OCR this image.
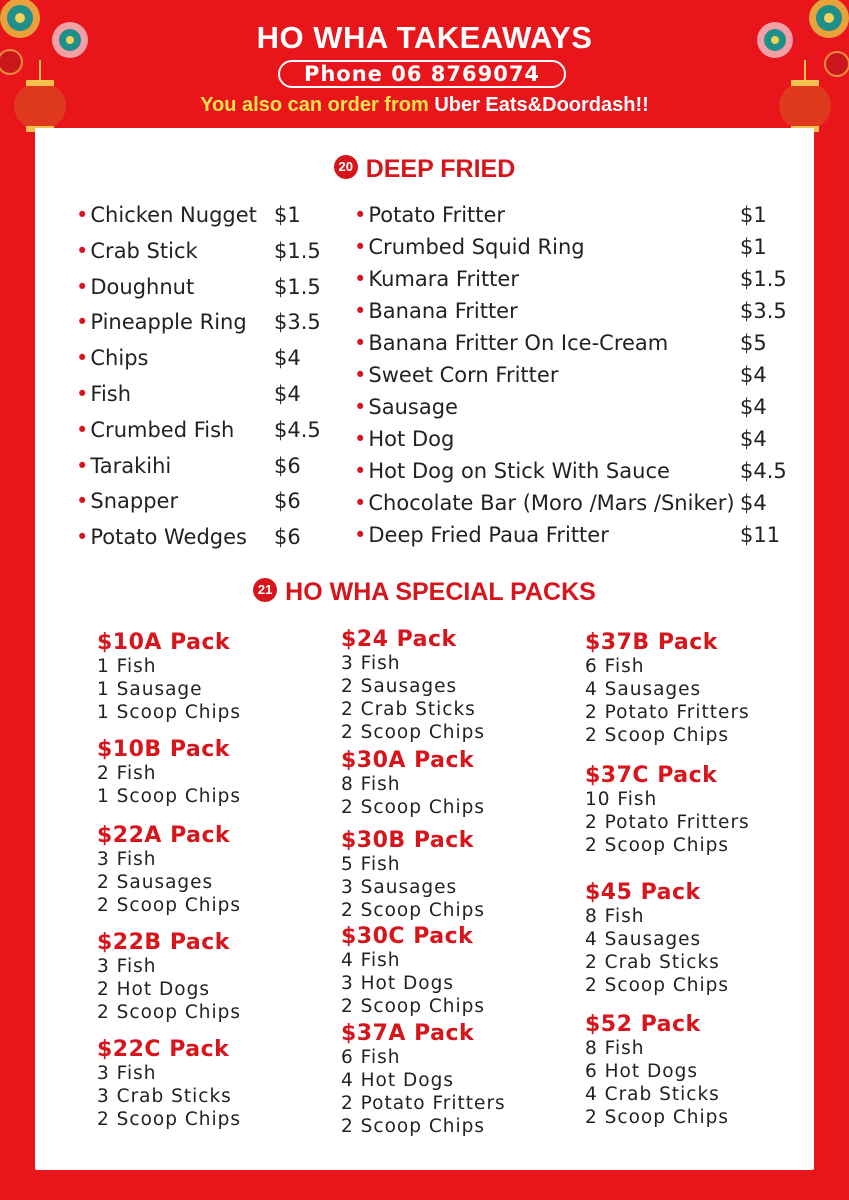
HO WHA TAKEAWAYS
Phone 06 8769074
You also can order from Uber Eats&Doordash!!
20 DEEP FRIED
•Chicken Nugget $1
•Crab Stick	$1.5
•Doughnut	$1.5
•Pineapple Ring $3.5
•Chips	$4
•Fish	$4
•Crumbed Fish $4.5
•Tarakihi	$6
•Snapper	$6
•Potato Wedges $6
•Potato Fritter	$1
•Crumbed Squid Ring	$1
•Kumara Fritter	$1.5
•Banana Fritter	$3.5
•Banana Fritter On Ice-Cream	$5
•Sweet Corn Fritter	$4
•Sausage	$4
•Hot Dog	$4
•Hot Dog on Stick With Sauce	$4.5
•Chocolate Bar (Moro /Mars /Sniker) $4
•Deep Fried Paua Fritter	$11
21 HO WHA SPECIAL PACKS
$10A Pack
1 Fish
1 Sausage
1 Scoop Chips
$10B Pack
2 Fish
1 Scoop Chips
$22A Pack
3 Fish
2 Sausages
2 Scoop Chips
$22B Pack
3 Fish
2 Hot Dogs
2 Scoop Chips
$22C Pack
3 Fish
3 Crab Sticks
2 Scoop Chips
$24 Pack
3 Fish
2 Sausages
2 Crab Sticks
2 Scoop Chips
$30A Pack
8 Fish
2 Scoop Chips
$30B Pack
5 Fish
3 Sausages
2 Scoop Chips
$30C Pack
4 Fish
3 Hot Dogs
2 Scoop Chips
$37A Pack
6 Fish
4 Hot Dogs
2 Potato Fritters
2 Scoop Chips
$37B Pack
6 Fish
4 Sausages
2 Potato Fritters
2 Scoop Chips
$37C Pack
10 Fish
2 Potato Fritters
2 Scoop Chips
$45 Pack
8 Fish
4 Sausages
2 Crab Sticks
2 Scoop Chips
$52 Pack
8 Fish
6 Hot Dogs
4 Crab Sticks
2 Scoop Chips
